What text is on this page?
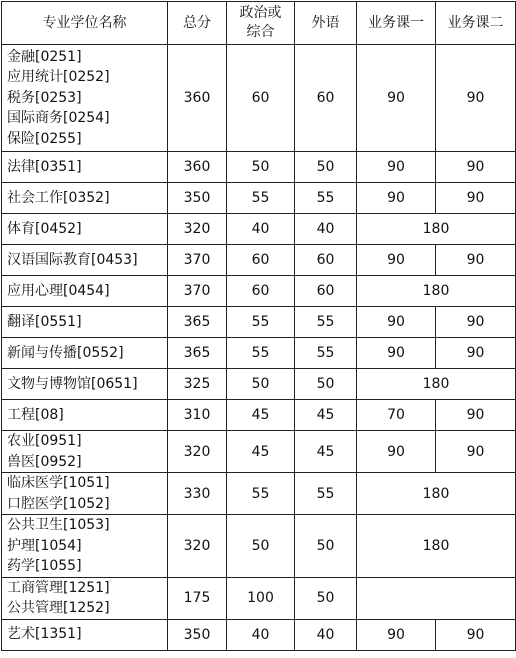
专业学位名称	总分	政治或
综合	外语	业务课一	业务课二

金融[0251]
应用统计[0252]
税务[0253]
国际商务[0254]
保险[0255]	360	60	60	90	90

法律[0351]	360	50	50	90	90

社会工作[0352]	350	55	55	90	90

体育[0452]	320	40	40	180	

汉语国际教育[0453]	370	60	60	90	90

应用心理[0454]	370	60	60	180	

翻译[0551]	365	55	55	90	90

新闻与传播[0552]	365	55	55	90	90

文物与博物馆[0651]	325	50	50	180	

工程[08]	310	45	45	70	90

农业[0951]
兽医[0952]	320	45	45	90	90

临床医学[1051]
口腔医学[1052]	330	55	55	180	

公共卫生[1053]
护理[1054]
药学[1055]	320	50	50	180	

工商管理[1251]
公共管理[1252]	175	100	50		

艺术[1351]	350	40	40	90	90
